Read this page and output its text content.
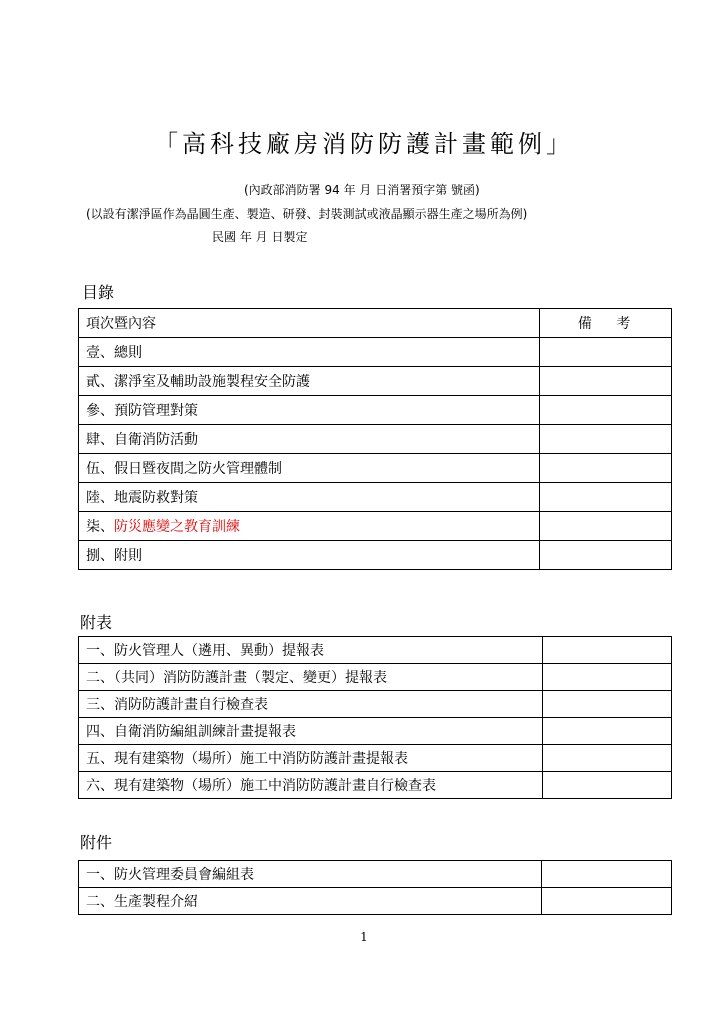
「高科技廠房消防防護計畫範例」
(內政部消防署 94 年 月 日消署預字第 號函)
(以設有潔淨區作為晶圓生產、製造、研發、封裝測試或液晶顯示器生產之場所為例)
民國 年 月 日製定
目錄
項次暨內容	備 考
壹、總則	
貳、潔淨室及輔助設施製程安全防護	
參、預防管理對策	
肆、自衛消防活動	
伍、假日暨夜間之防火管理體制	
陸、地震防救對策	
柒、防災應變之教育訓練	
捌、附則	
附表
一、防火管理人（遴用、異動）提報表	
二、（共同）消防防護計畫（製定、變更）提報表	
三、消防防護計畫自行檢查表	
四、自衛消防編組訓練計畫提報表	
五、現有建築物（場所）施工中消防防護計畫提報表	
六、現有建築物（場所）施工中消防防護計畫自行檢查表	
附件
一、防火管理委員會編組表	
二、生產製程介紹	
1
